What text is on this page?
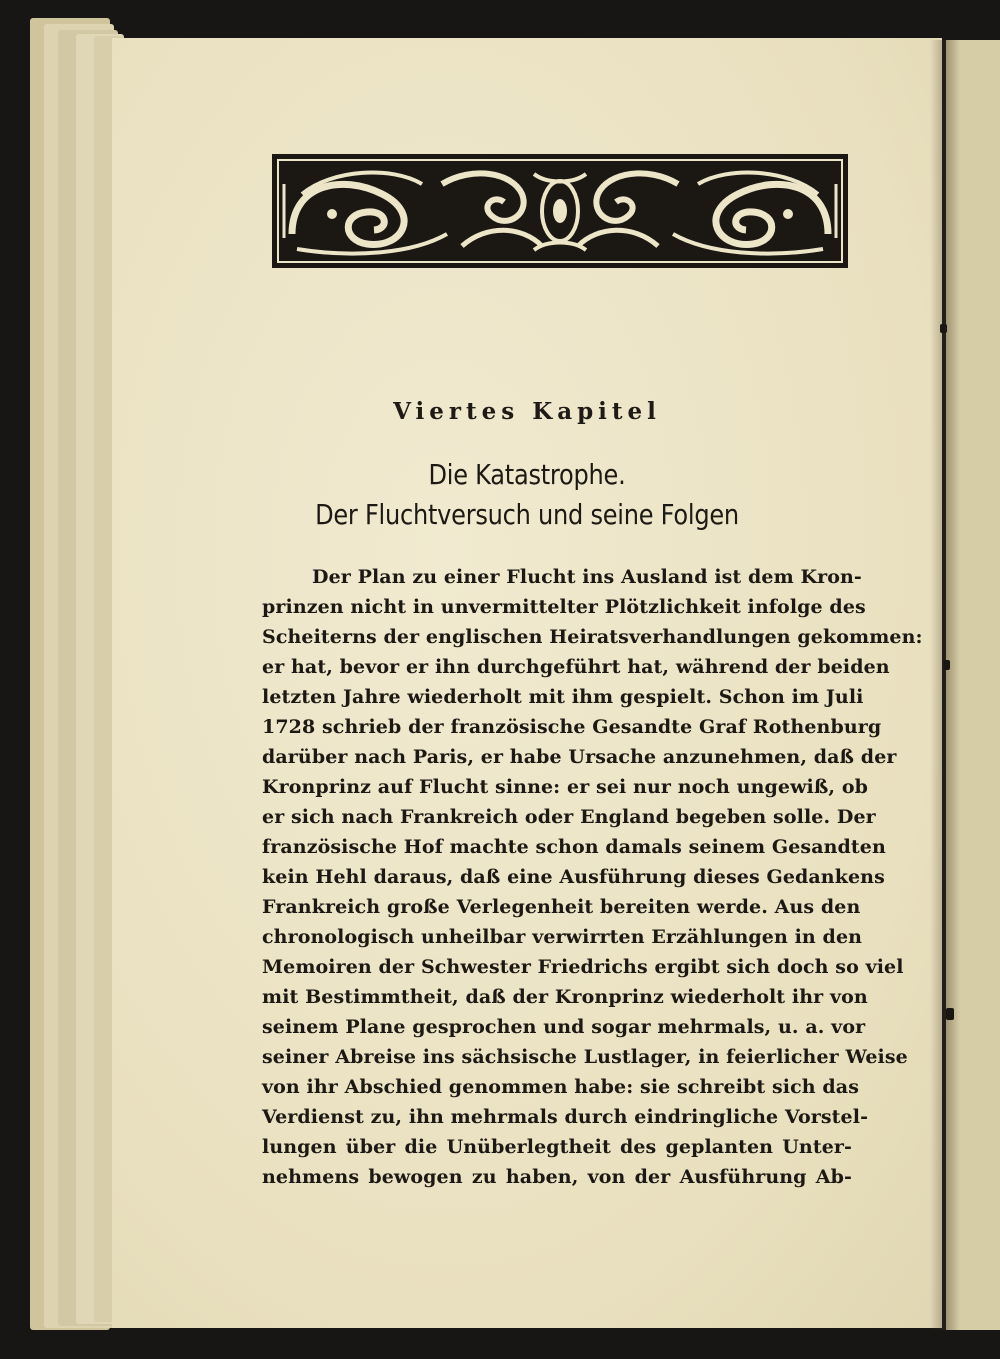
Viertes Kapitel
Die Katastrophe.
Der Fluchtversuch und seine Folgen
Der Plan zu einer Flucht ins Ausland ist dem Kron-
prinzen nicht in unvermittelter Plötzlichkeit infolge des
Scheiterns der englischen Heiratsverhandlungen gekommen:
er hat, bevor er ihn durchgeführt hat, während der beiden
letzten Jahre wiederholt mit ihm gespielt. Schon im Juli
1728 schrieb der französische Gesandte Graf Rothenburg
darüber nach Paris, er habe Ursache anzunehmen, daß der
Kronprinz auf Flucht sinne: er sei nur noch ungewiß, ob
er sich nach Frankreich oder England begeben solle. Der
französische Hof machte schon damals seinem Gesandten
kein Hehl daraus, daß eine Ausführung dieses Gedankens
Frankreich große Verlegenheit bereiten werde. Aus den
chronologisch unheilbar verwirrten Erzählungen in den
Memoiren der Schwester Friedrichs ergibt sich doch so viel
mit Bestimmtheit, daß der Kronprinz wiederholt ihr von
seinem Plane gesprochen und sogar mehrmals, u. a. vor
seiner Abreise ins sächsische Lustlager, in feierlicher Weise
von ihr Abschied genommen habe: sie schreibt sich das
Verdienst zu, ihn mehrmals durch eindringliche Vorstel-
lungen über die Unüberlegtheit des geplanten Unter-
nehmens bewogen zu haben, von der Ausführung Ab-
